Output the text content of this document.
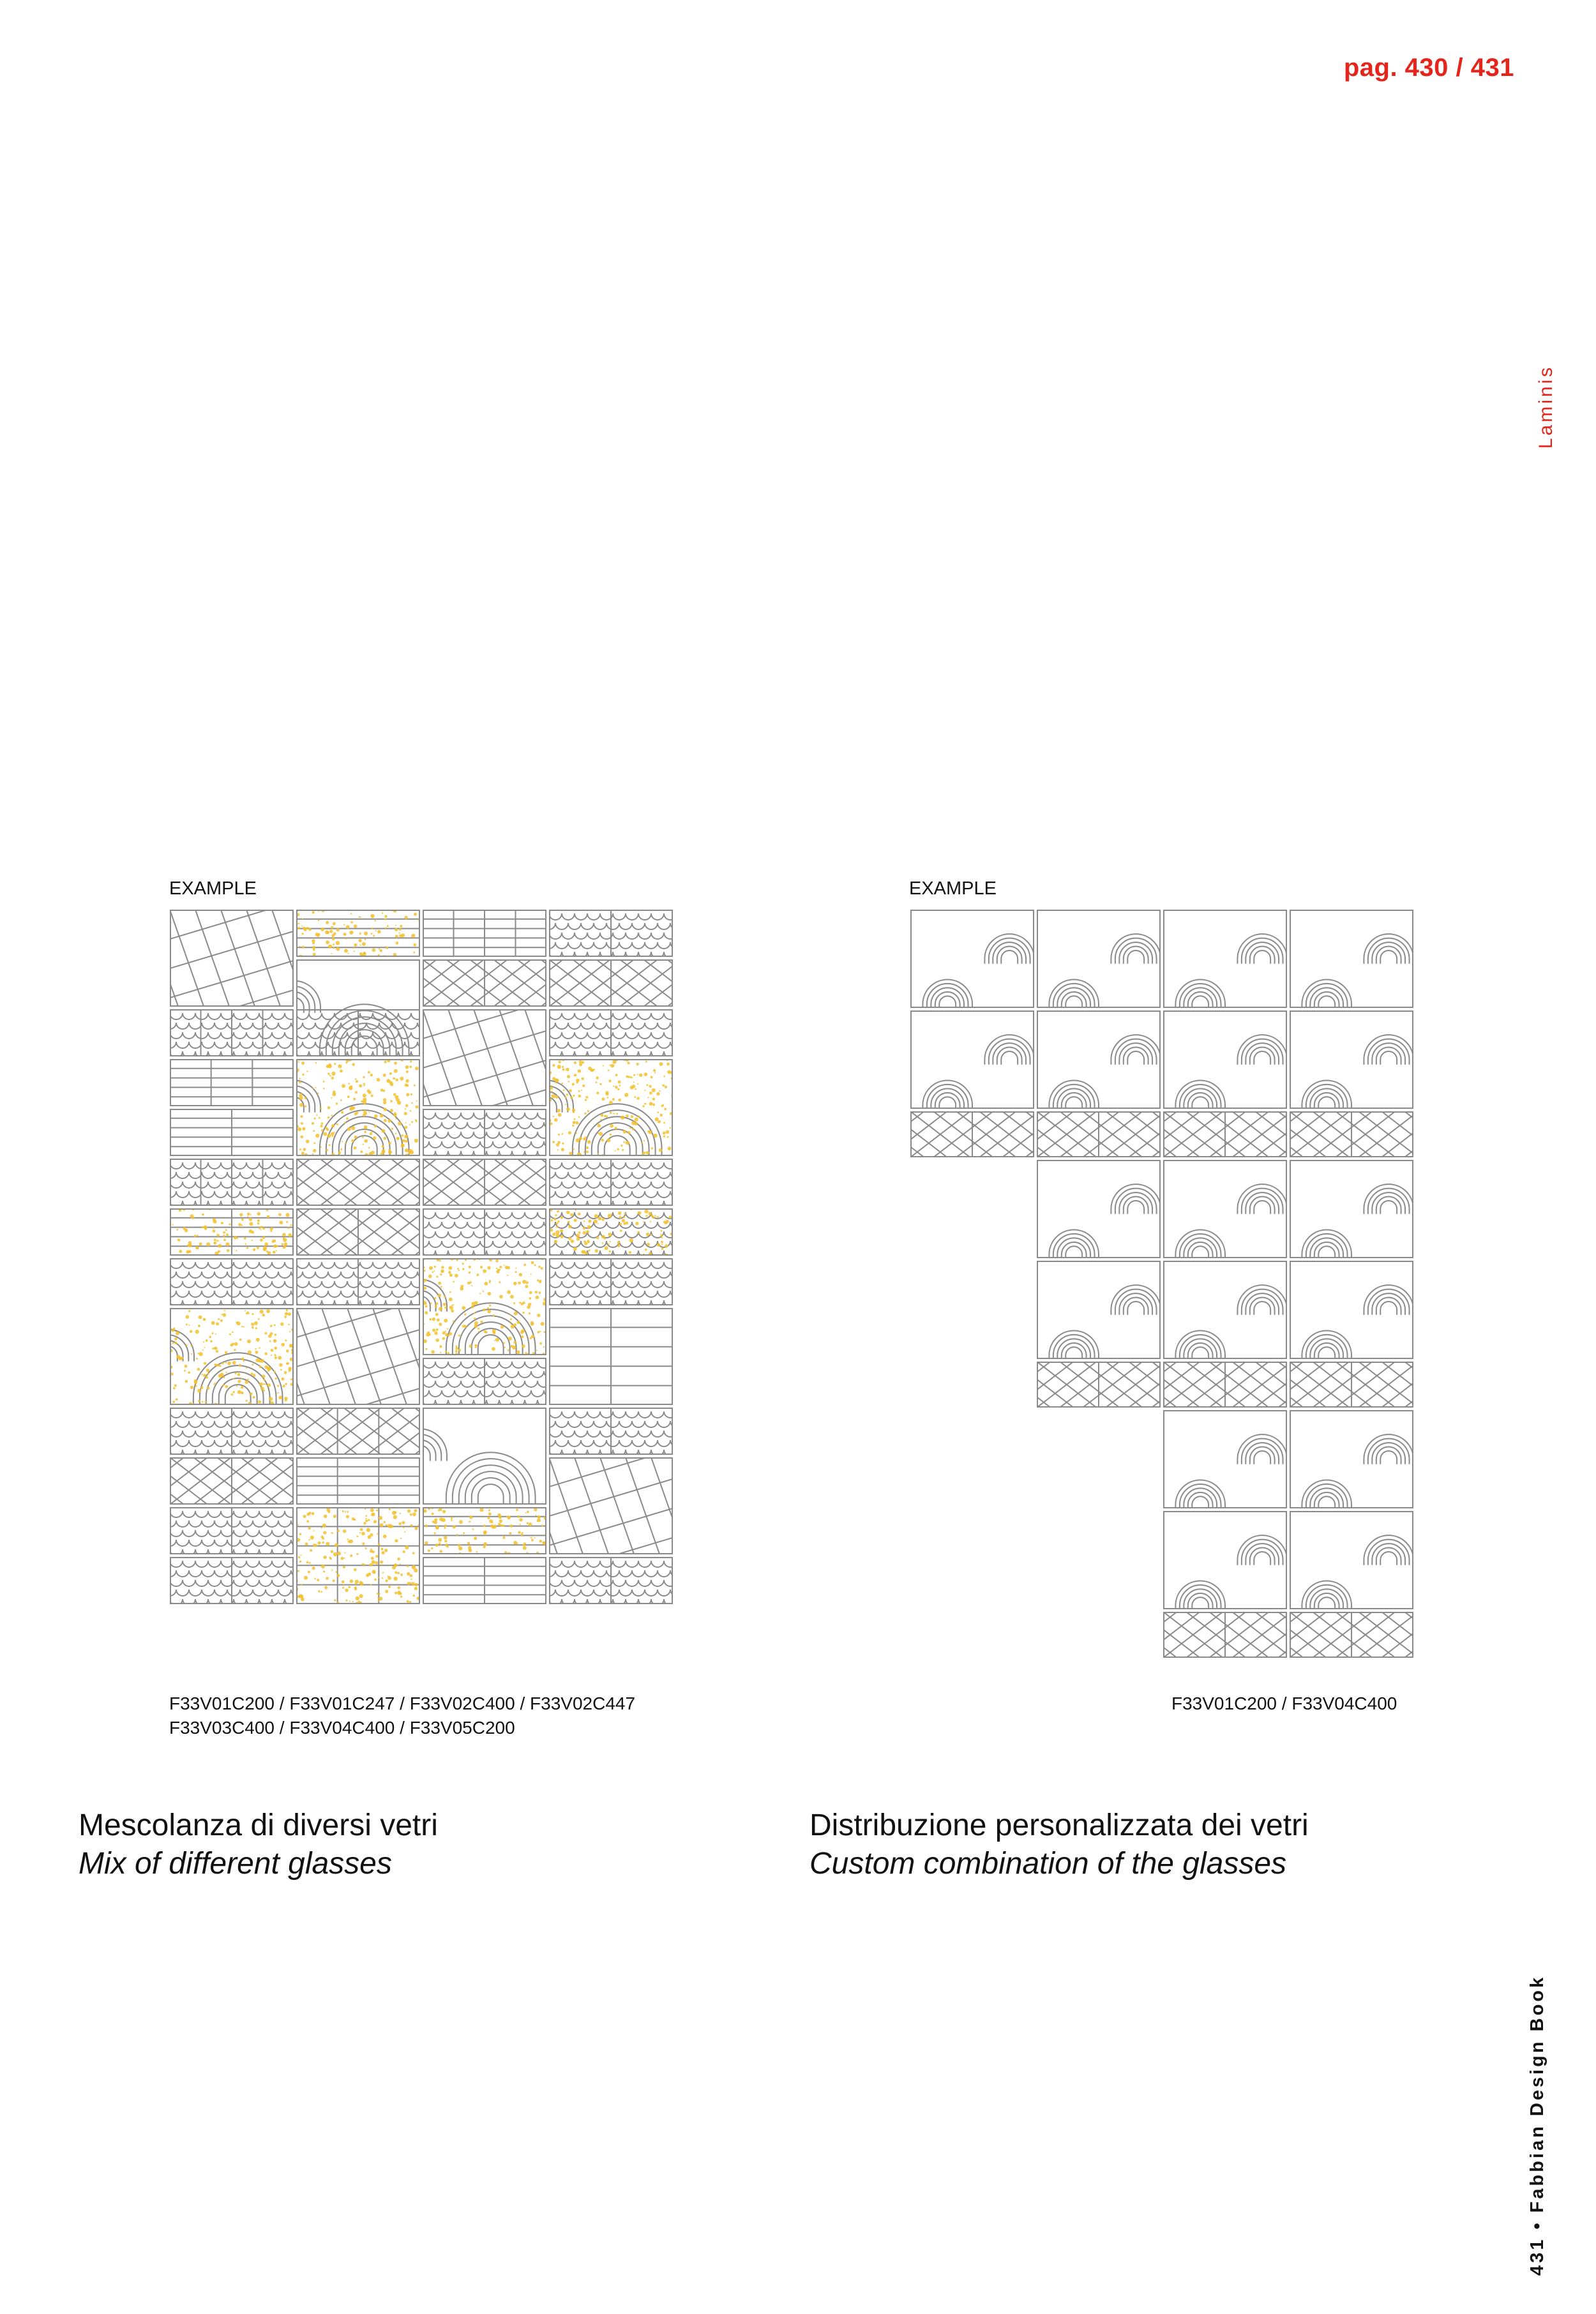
pag. 430 / 431
Laminis
431 • Fabbian Design Book
EXAMPLE
F33V01C200 / F33V01C247 / F33V02C400 / F33V02C447
F33V03C400 / F33V04C400 / F33V05C200
Mescolanza di diversi vetri
Mix of different glasses
EXAMPLE
F33V01C200 / F33V04C400
Distribuzione personalizzata dei vetri
Custom combination of the glasses
